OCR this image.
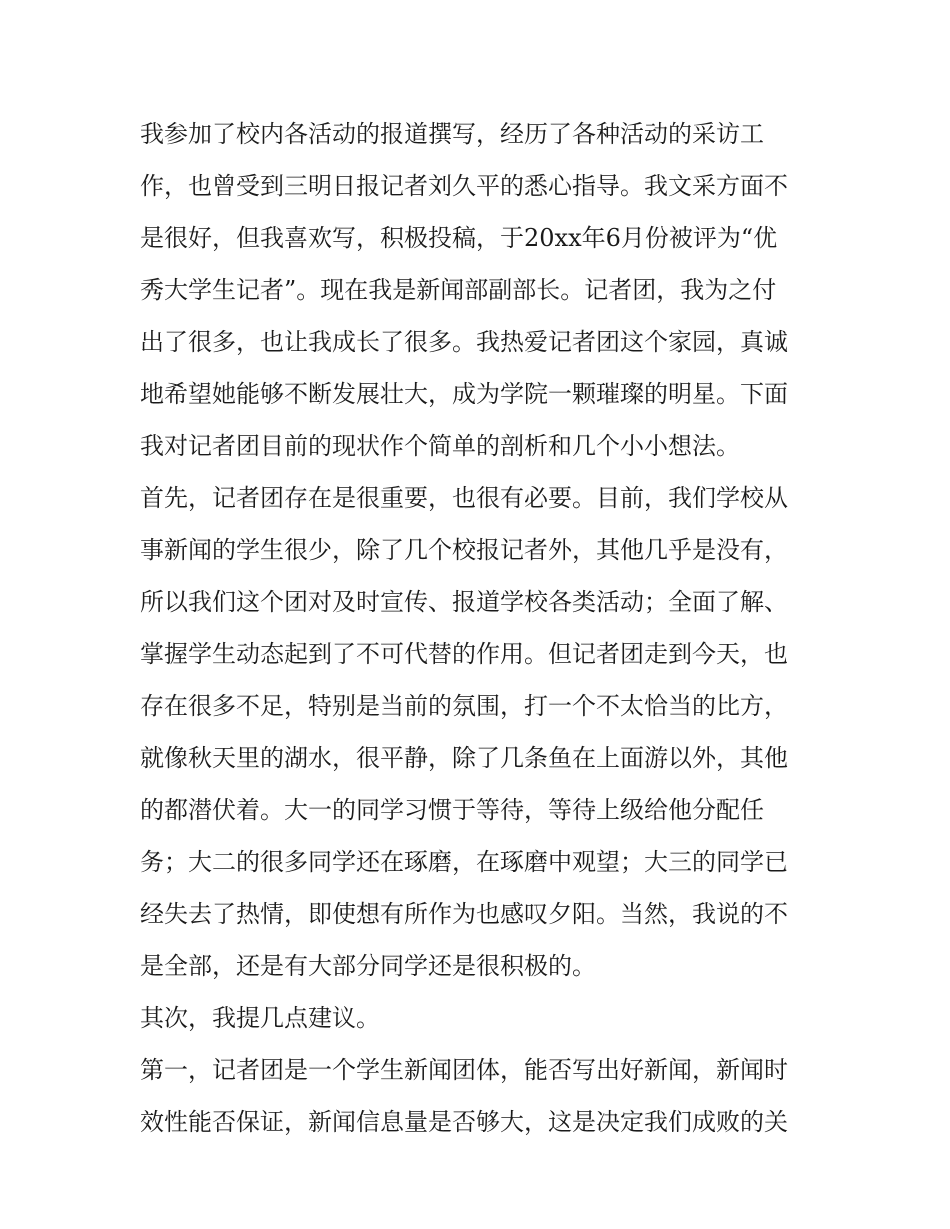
我参加了校内各活动的报道撰写，经历了各种活动的采访工
作，也曾受到三明日报记者刘久平的悉心指导。我文采方面不
是很好，但我喜欢写，积极投稿，于20xx年6月份被评为“优
秀大学生记者”。现在我是新闻部副部长。记者团，我为之付
出了很多，也让我成长了很多。我热爱记者团这个家园，真诚
地希望她能够不断发展壮大，成为学院一颗璀璨的明星。下面
我对记者团目前的现状作个简单的剖析和几个小小想法。
首先，记者团存在是很重要，也很有必要。目前，我们学校从
事新闻的学生很少，除了几个校报记者外，其他几乎是没有，
所以我们这个团对及时宣传、报道学校各类活动；全面了解、
掌握学生动态起到了不可代替的作用。但记者团走到今天，也
存在很多不足，特别是当前的氛围，打一个不太恰当的比方，
就像秋天里的湖水，很平静，除了几条鱼在上面游以外，其他
的都潜伏着。大一的同学习惯于等待，等待上级给他分配任
务；大二的很多同学还在琢磨，在琢磨中观望；大三的同学已
经失去了热情，即使想有所作为也感叹夕阳。当然，我说的不
是全部，还是有大部分同学还是很积极的。
其次，我提几点建议。
第一，记者团是一个学生新闻团体，能否写出好新闻，新闻时
效性能否保证，新闻信息量是否够大，这是决定我们成败的关
